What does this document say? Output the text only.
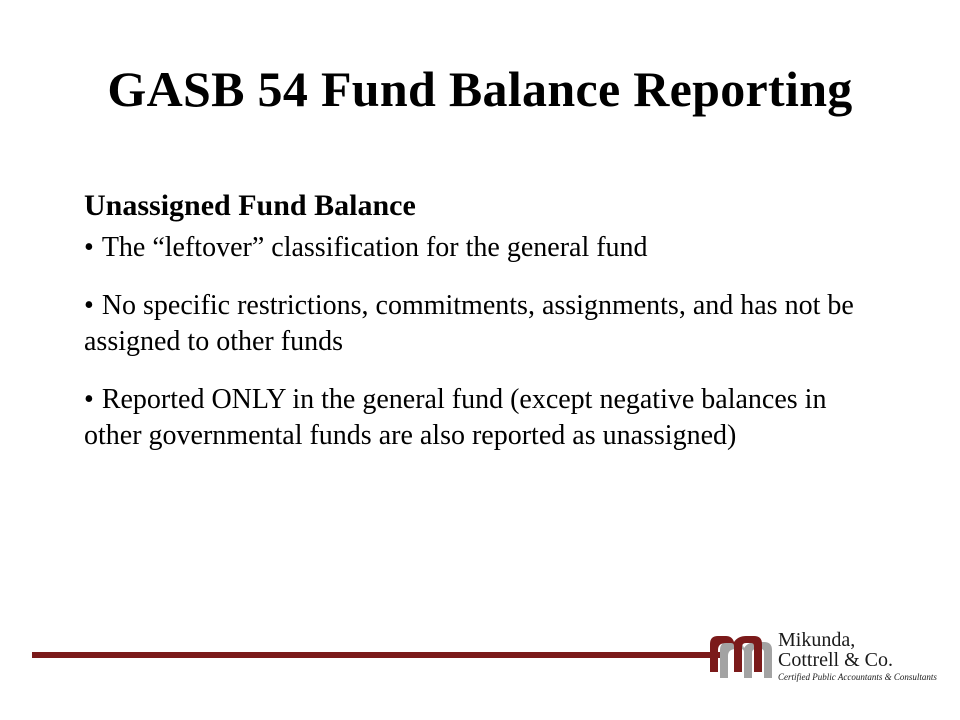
GASB 54 Fund Balance Reporting
Unassigned Fund Balance
• The “leftover” classification for the general fund
• No specific restrictions, commitments, assignments, and has not be assigned to other funds
• Reported ONLY in the general fund (except negative balances in other governmental funds are also reported as unassigned)
Mikunda,
Cottrell & Co.
Certified Public Accountants & Consultants
